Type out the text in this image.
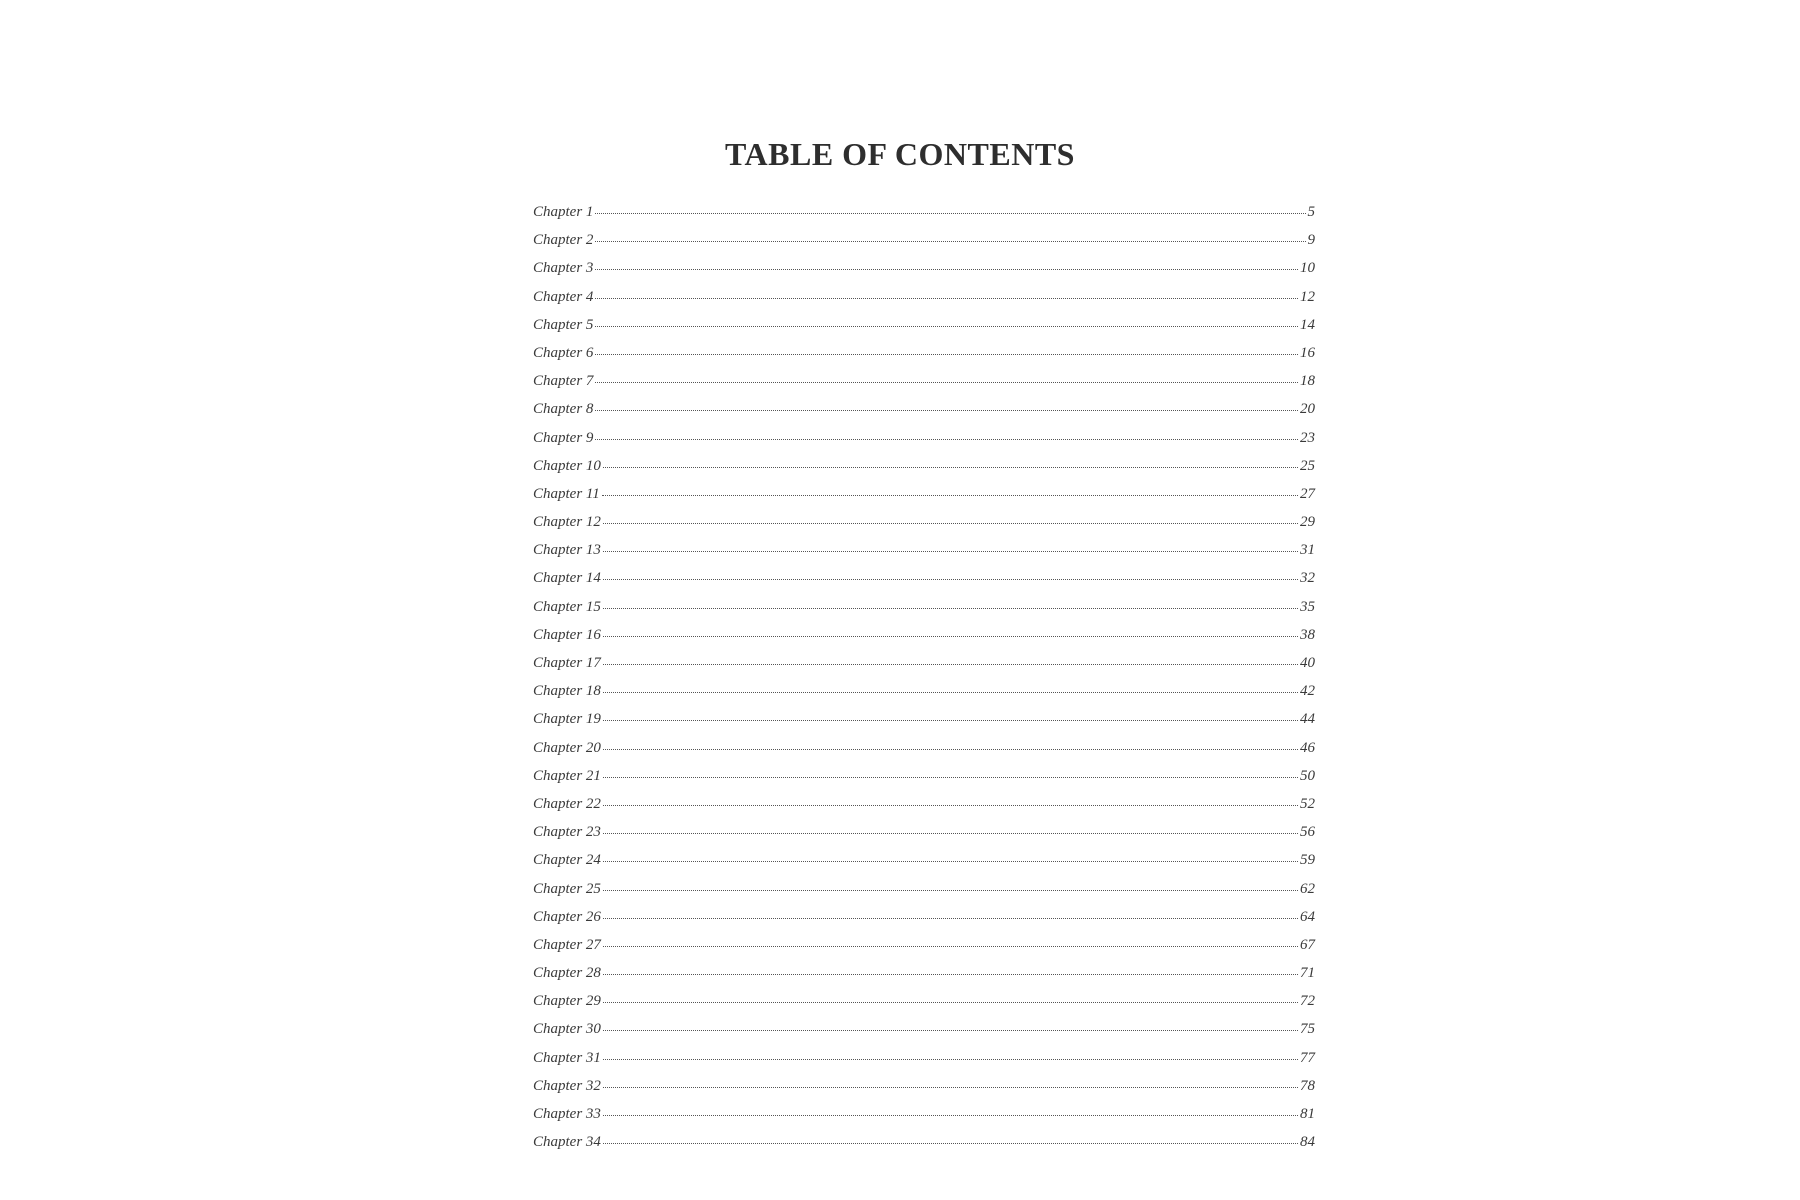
TABLE OF CONTENTS
Chapter 1	5
Chapter 2	9
Chapter 3	10
Chapter 4	12
Chapter 5	14
Chapter 6	16
Chapter 7	18
Chapter 8	20
Chapter 9	23
Chapter 10	25
Chapter 11	27
Chapter 12	29
Chapter 13	31
Chapter 14	32
Chapter 15	35
Chapter 16	38
Chapter 17	40
Chapter 18	42
Chapter 19	44
Chapter 20	46
Chapter 21	50
Chapter 22	52
Chapter 23	56
Chapter 24	59
Chapter 25	62
Chapter 26	64
Chapter 27	67
Chapter 28	71
Chapter 29	72
Chapter 30	75
Chapter 31	77
Chapter 32	78
Chapter 33	81
Chapter 34	84
